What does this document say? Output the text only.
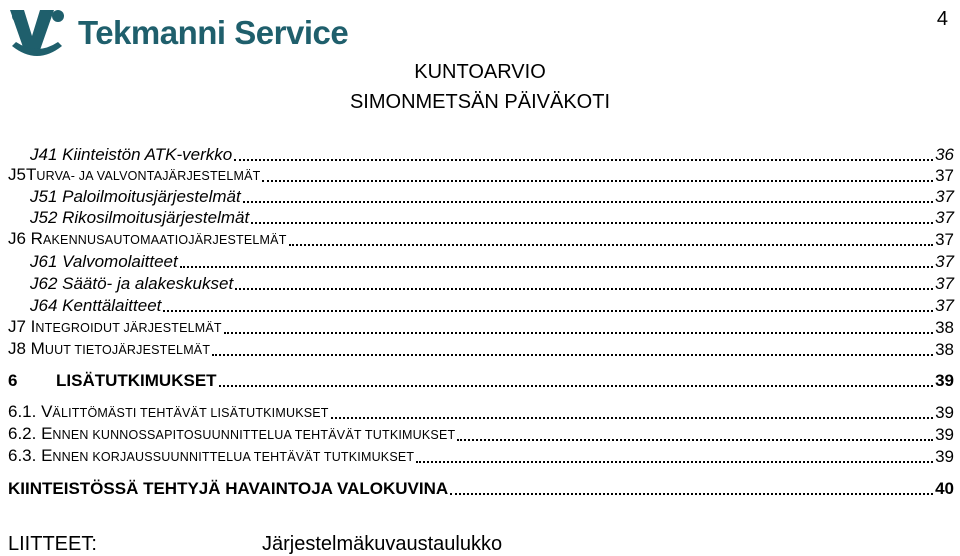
Tekmanni Service	4
KUNTOARVIO
SIMONMETSÄN PÄIVÄKOTI
J41 Kiinteistön ATK-verkko	36
J5TURVA- JA VALVONTAJÄRJESTELMÄT	37
J51 Paloilmoitusjärjestelmät	37
J52 Rikosilmoitusjärjestelmät	37
J6 RAKENNUSAUTOMAATIOJÄRJESTELMÄT	37
J61 Valvomolaitteet	37
J62 Säätö- ja alakeskukset	37
J64 Kenttälaitteet	37
J7 INTEGROIDUT JÄRJESTELMÄT	38
J8 MUUT TIETOJÄRJESTELMÄT	38
6 LISÄTUTKIMUKSET	39
6.1. VÄLITTÖMÄSTI TEHTÄVÄT LISÄTUTKIMUKSET	39
6.2. ENNEN KUNNOSSAPITOSUUNNITTELUA TEHTÄVÄT TUTKIMUKSET	39
6.3. ENNEN KORJAUSSUUNNITTELUA TEHTÄVÄT TUTKIMUKSET	39
KIINTEISTÖSSÄ TEHTYJÄ HAVAINTOJA VALOKUVINA	40
LIITTEET:	Järjestelmäkuvaustaulukko
